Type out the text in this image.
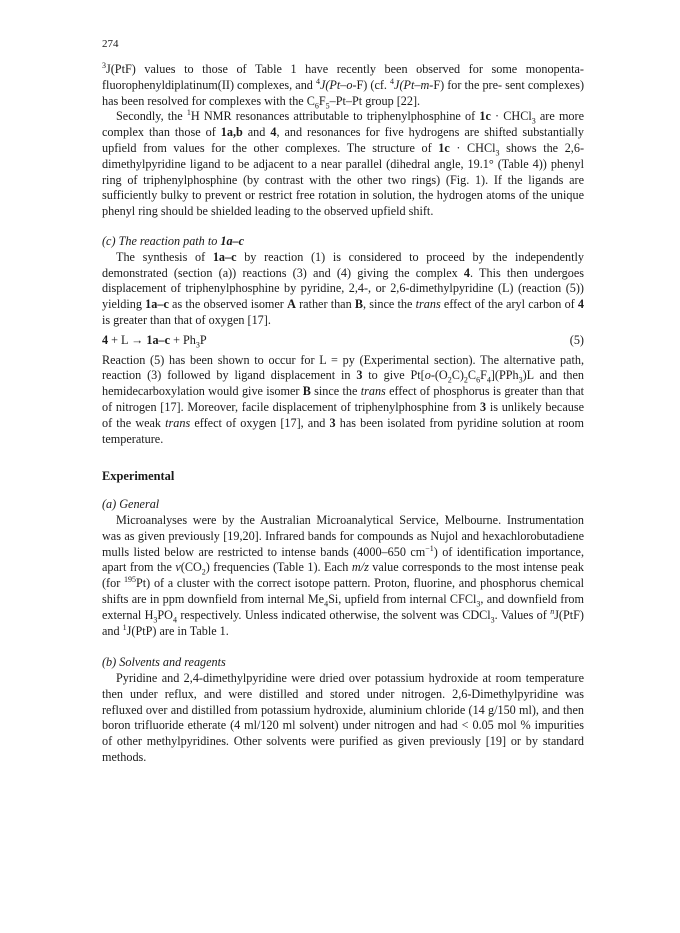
274

$^3$J(PtF) values to those of Table 1 have recently been observed for some monopenta- fluorophenyldiplatinum(II) complexes, and $^4$J(Pt–o-F) (cf. $^4$J(Pt–m-F) for the pre- sent complexes) has been resolved for complexes with the $C_6F_5-Pt-Pt$ group [22].

Secondly, the $^1$H NMR resonances attributable to triphenylphosphine of 1c · CHCl$_3$ are more complex than those of 1a,b and 4, and resonances for five hydrogens are shifted substantially upfield from values for the other complexes. The structure of 1c · CHCl$_3$ shows the 2,6-dimethylpyridine ligand to be adjacent to a near parallel (dihedral angle, 19.1° (Table 4)) phenyl ring of triphenylphosphine (by contrast with the other two rings) (Fig. 1). If the ligands are sufficiently bulky to prevent or restrict free rotation in solution, the hydrogen atoms of the unique phenyl ring should be shielded leading to the observed upfield shift.

(c) The reaction path to 1a–c

The synthesis of 1a–c by reaction (1) is considered to proceed by the independently demonstrated (section (a)) reactions (3) and (4) giving the complex 4. This then undergoes displacement of triphenylphosphine by pyridine, 2,4-, or 2,6-dimethylpyridine (L) (reaction (5)) yielding 1a–c as the observed isomer A rather than B, since the trans effect of the aryl carbon of 4 is greater than that of oxygen [17].

$4 + L \to 1a-c + Ph_3P$	(5)

Reaction (5) has been shown to occur for L = py (Experimental section). The alternative path, reaction (3) followed by ligand displacement in 3 to give $Pt[o-(O_2C)_2C_6F_4](PPh_3)L$ and then hemidecarboxylation would give isomer B since the trans effect of phosphorus is greater than that of nitrogen [17]. Moreover, facile displacement of triphenylphosphine from 3 is unlikely because of the weak trans effect of oxygen [17], and 3 has been isolated from pyridine solution at room temperature.

Experimental

(a) General

Microanalyses were by the Australian Microanalytical Service, Melbourne. Instrumentation was as given previously [19,20]. Infrared bands for compounds as Nujol and hexachlorobutadiene mulls listed below are restricted to intense bands (4000–650 $cm^{-1}$) of identification importance, apart from the $\nu(CO_2)$ frequencies (Table 1). Each m/z value corresponds to the most intense peak (for $^{195}$Pt) of a cluster with the correct isotope pattern. Proton, fluorine, and phosphorus chemical shifts are in ppm downfield from internal $Me_4Si$, upfield from internal CFCl$_3$, and downfield from external $H_3PO_4$ respectively. Unless indicated otherwise, the solvent was CDCl$_3$. Values of $^n$J(PtF) and $^1$J(PtP) are in Table 1.

(b) Solvents and reagents

Pyridine and 2,4-dimethylpyridine were dried over potassium hydroxide at room temperature then under reflux, and were distilled and stored under nitrogen. 2,6-Dimethylpyridine was refluxed over and distilled from potassium hydroxide, aluminium chloride (14 g/150 ml), and then boron trifluoride etherate (4 ml/120 ml solvent) under nitrogen and had < 0.05 mol % impurities of other methylpyridines. Other solvents were purified as given previously [19] or by standard methods.
